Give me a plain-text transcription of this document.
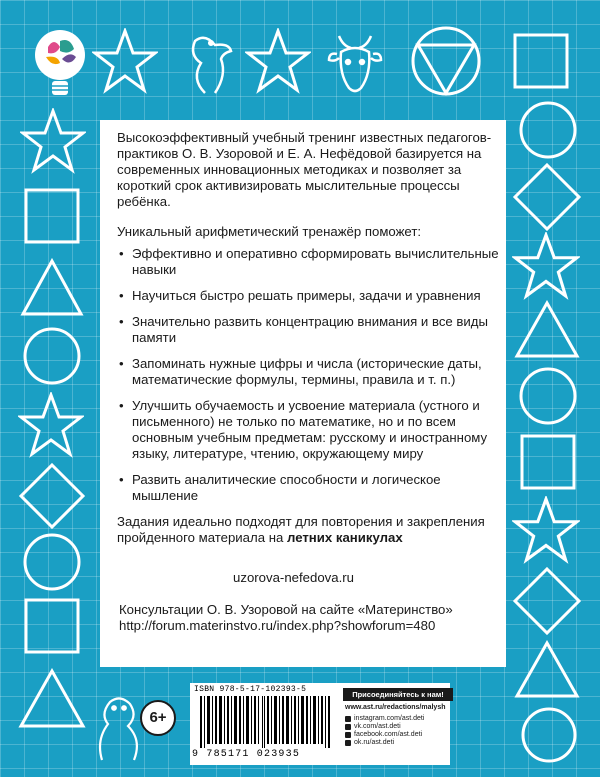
Высокоэффективный учебный тренинг известных педагогов-практиков О. В. Узоровой и Е. А. Нефёдовой базируется на современных инновационных методиках и позволяет за короткий срок активизировать мыслительные процессы ребёнка.

Уникальный арифметический тренажёр поможет:

• Эффективно и оперативно сформировать вычислительные навыки
• Научиться быстро решать примеры, задачи и уравнения
• Значительно развить концентрацию внимания и все виды памяти
• Запоминать нужные цифры и числа (исторические даты, математические формулы, термины, правила и т. п.)
• Улучшить обучаемость и усвоение материала (устного и письменного) не только по математике, но и по всем основным учебным предметам: русскому и иностранному языку, литературе, чтению, окружающему миру
• Развить аналитические способности и логическое мышление

Задания идеально подходят для повторения и закрепления пройденного материала на летних каникулах

uzorova-nefedova.ru

Консультации О. В. Узоровой на сайте «Материнство»
http://forum.materinstvo.ru/index.php?showforum=480

6+
ISBN 978-5-17-102393-5
9 785171 023935	WWW.AST.RU
Присоединяйтесь к нам!
www.ast.ru/redactions/malysh
instagram.com/ast.deti
vk.com/ast.deti
facebook.com/ast.deti
ok.ru/ast.deti
